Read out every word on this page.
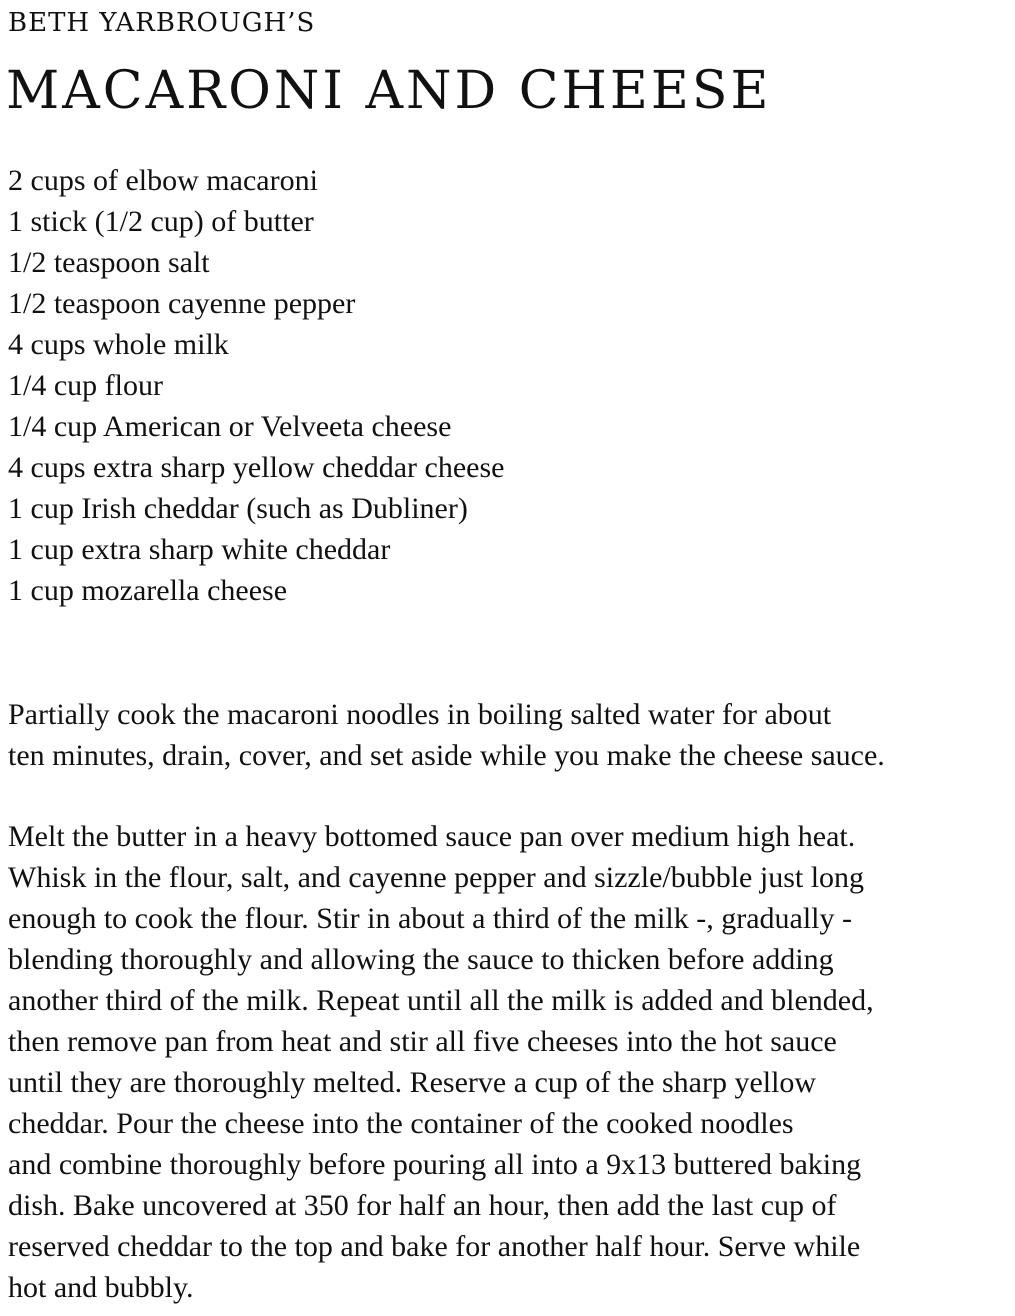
BETH YARBROUGH’S
MACARONI AND CHEESE
2 cups of elbow macaroni
1 stick (1/2 cup) of butter
1/2 teaspoon salt
1/2 teaspoon cayenne pepper
4 cups whole milk
1/4 cup flour
1/4 cup American or Velveeta cheese
4 cups extra sharp yellow cheddar cheese
1 cup Irish cheddar (such as Dubliner)
1 cup extra sharp white cheddar
1 cup mozarella cheese

Partially cook the macaroni noodles in boiling salted water for about
ten minutes, drain, cover, and set aside while you make the cheese sauce.

Melt the butter in a heavy bottomed sauce pan over medium high heat.
Whisk in the flour, salt, and cayenne pepper and sizzle/bubble just long
enough to cook the flour. Stir in about a third of the milk -, gradually -
blending thoroughly and allowing the sauce to thicken before adding
another third of the milk. Repeat until all the milk is added and blended,
then remove pan from heat and stir all five cheeses into the hot sauce
until they are thoroughly melted. Reserve a cup of the sharp yellow
cheddar. Pour the cheese into the container of the cooked noodles
and combine thoroughly before pouring all into a 9x13 buttered baking
dish. Bake uncovered at 350 for half an hour, then add the last cup of
reserved cheddar to the top and bake for another half hour. Serve while
hot and bubbly.
